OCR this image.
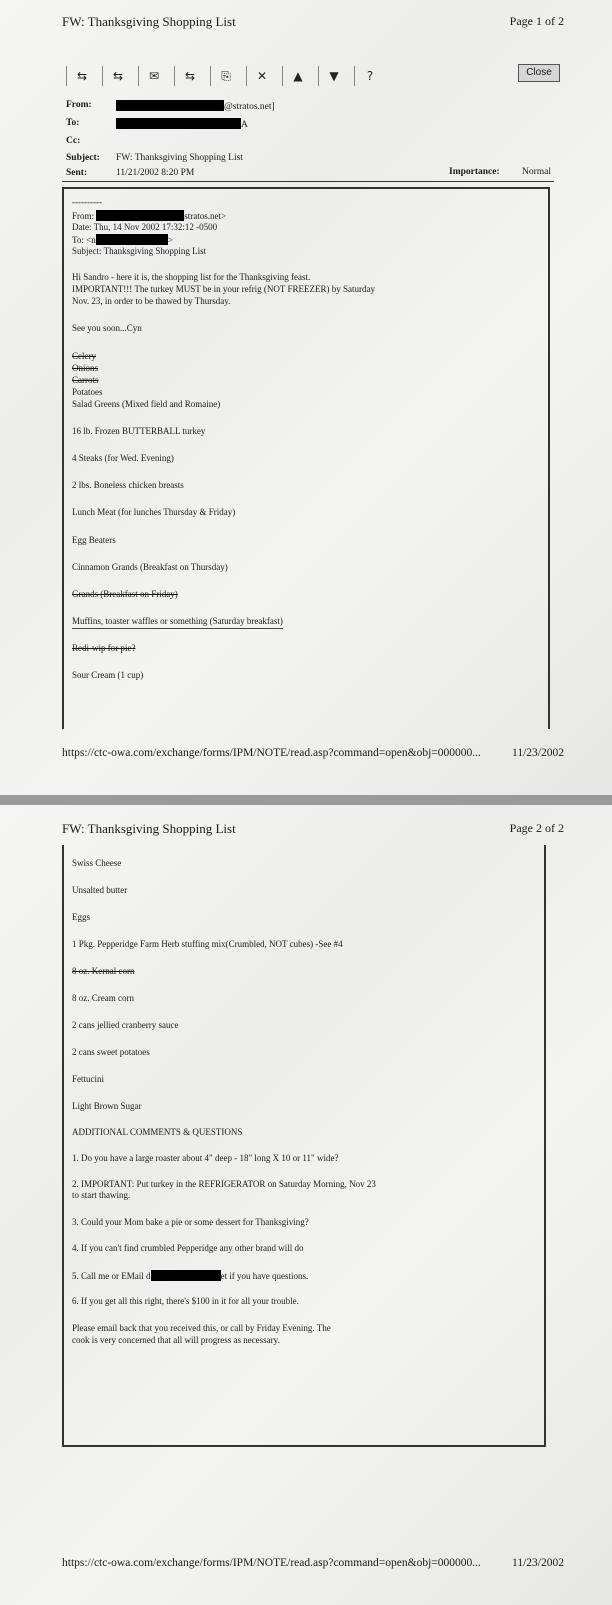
FW: Thanksgiving Shopping List	Page 1 of 2
⇆	⇆	✉	⇆	⎘	✕	▲	▼	?	Close
From:	@stratos.net]
To:	A
Cc:
Subject: FW: Thanksgiving Shopping List
Sent:	11/21/2002 8:20 PM	Importance: Normal
----------
From:	stratos.net>
Date: Thu, 14 Nov 2002 17:32:12 -0500
To: <n	>
Subject: Thanksgiving Shopping List
Hi Sandro - here it is, the shopping list for the Thanksgiving feast.
IMPORTANT!!! The turkey MUST be in your refrig (NOT FREEZER) by Saturday
Nov. 23, in order to be thawed by Thursday.
See you soon...Cyn
Celery
Onions
Carrots
Potatoes
Salad Greens (Mixed field and Romaine)
16 lb. Frozen BUTTERBALL turkey
4 Steaks (for Wed. Evening)
2 lbs. Boneless chicken breasts
Lunch Meat (for lunches Thursday & Friday)
Egg Beaters
Cinnamon Grands (Breakfast on Thursday)
Grands (Breakfast on Friday)
Muffins, toaster waffles or something (Saturday breakfast)
Redi-wip for pie?
Sour Cream (1 cup)
https://ctc-owa.com/exchange/forms/IPM/NOTE/read.asp?command=open&obj=000000...	11/23/2002
FW: Thanksgiving Shopping List	Page 2 of 2
Swiss Cheese
Unsalted butter
Eggs
1 Pkg. Pepperidge Farm Herb stuffing mix(Crumbled, NOT cubes) -See #4
8 oz. Kernal corn
8 oz. Cream corn
2 cans jellied cranberry sauce
2 cans sweet potatoes
Fettucini
Light Brown Sugar
ADDITIONAL COMMENTS & QUESTIONS
1. Do you have a large roaster about 4" deep - 18" long X 10 or 11" wide?
2. IMPORTANT: Put turkey in the REFRIGERATOR on Saturday Morning, Nov 23
to start thawing.
3. Could your Mom bake a pie or some dessert for Thanksgiving?
4. If you can't find crumbled Pepperidge any other brand will do
5. Call me or EMail d	et if you have questions.
6. If you get all this right, there's $100 in it for all your trouble.
Please email back that you received this, or call by Friday Evening. The
cook is very concerned that all will progress as necessary.
https://ctc-owa.com/exchange/forms/IPM/NOTE/read.asp?command=open&obj=000000...	11/23/2002
